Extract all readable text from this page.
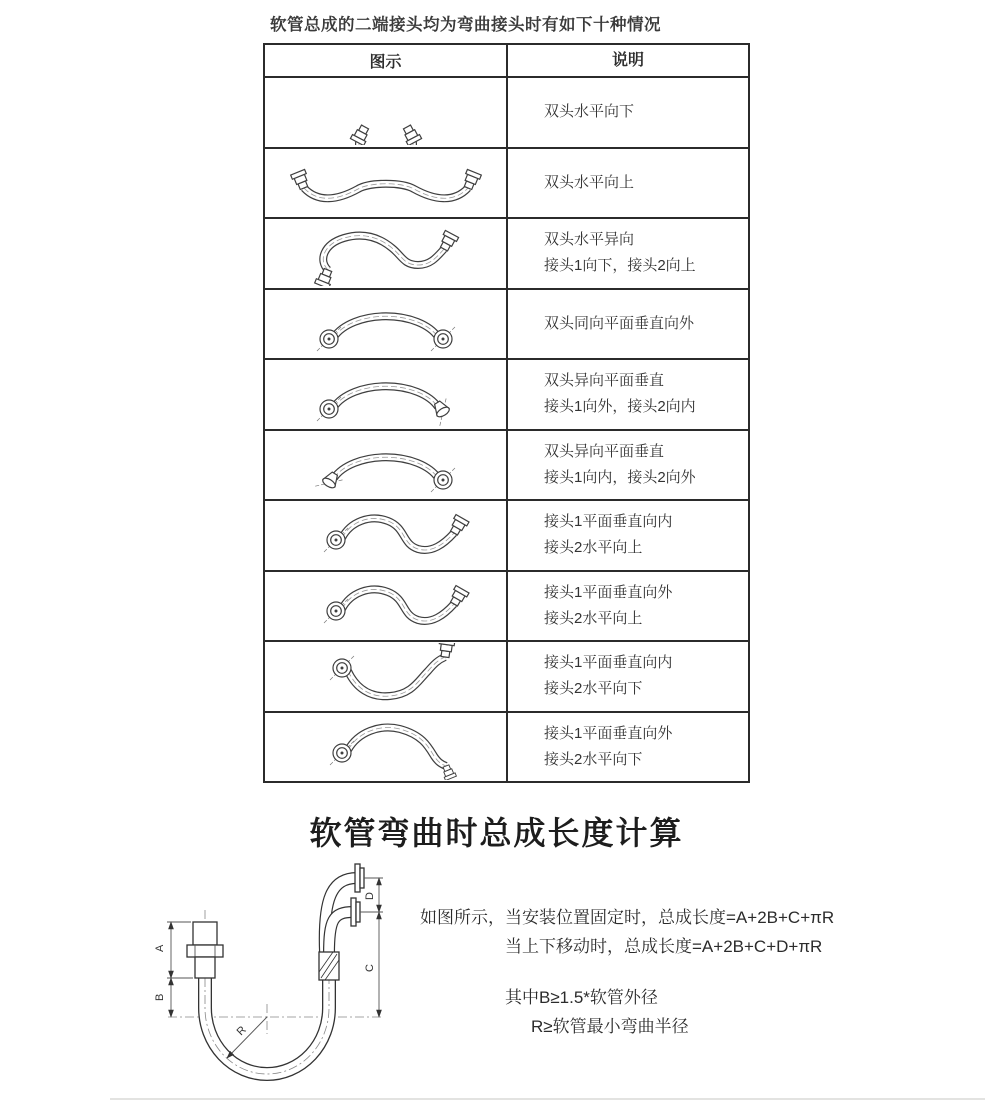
软管总成的二端接头均为弯曲接头时有如下十种情况
图示	说明
双头水平向下
双头水平向上
双头水平异向
接头1向下，接头2向上
双头同向平面垂直向外
双头异向平面垂直
接头1向外，接头2向内
双头异向平面垂直
接头1向内，接头2向外
接头1平面垂直向内
接头2水平向上
接头1平面垂直向外
接头2水平向上
接头1平面垂直向内
接头2水平向下
接头1平面垂直向外
接头2水平向下
软管弯曲时总成长度计算
A
B
D
C
R
如图所示，当安装位置固定时，总成长度=A+2B+C+πR
当上下移动时，总成长度=A+2B+C+D+πR
其中B≥1.5*软管外径
R≥软管最小弯曲半径
